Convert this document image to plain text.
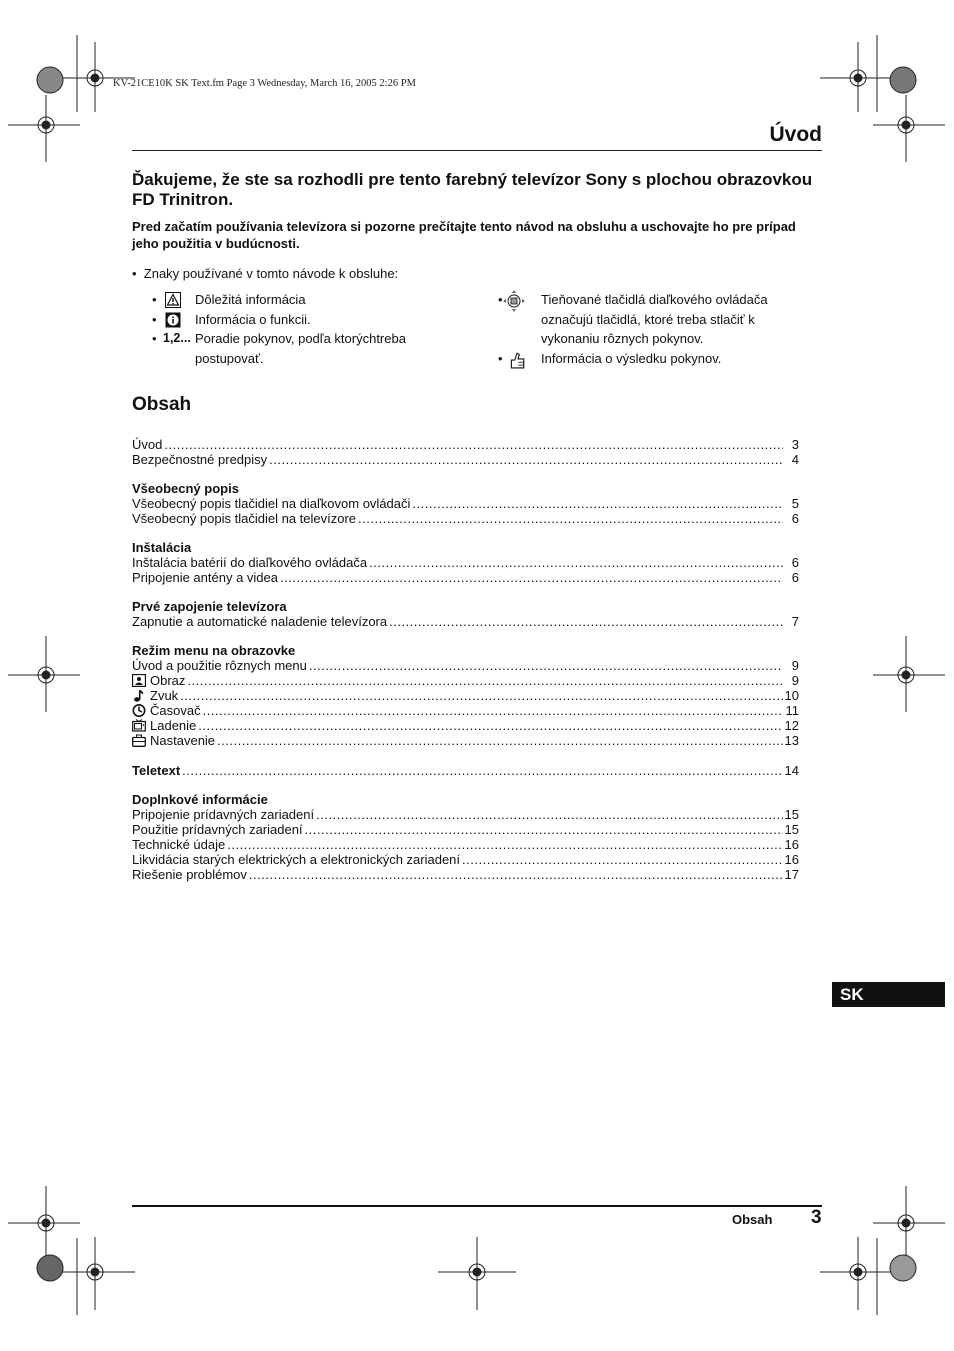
KV-21CE10K SK Text.fm Page 3 Wednesday, March 16, 2005 2:26 PM
Úvod
Ďakujeme, že ste sa rozhodli pre tento farebný televízor Sony s plochou obrazovkou FD Trinitron.

Pred začatím používania televízora si pozorne prečítajte tento návod na obsluhu a uschovajte ho pre prípad jeho použitia v budúcnosti.

•  Znaky používané v tomto návode k obsluhe:
•	Dôležitá informácia
•	Informácia o funkcii.
• 1,2... Poradie pokynov, podľa ktorýchtreba postupovať.
•	Tieňované tlačidlá diaľkového ovládača označujú tlačidlá, ktoré treba stlačiť k vykonaniu rôznych pokynov.
•	Informácia o výsledku pokynov.
Obsah
Úvod .....	3
Bezpečnostné predpisy .....	4
Všeobecný popis
Všeobecný popis tlačidiel na diaľkovom ovládači .....	5
Všeobecný popis tlačidiel na televízore .....	6
Inštalácia
Inštalácia batérií do diaľkového ovládača .....	6
Pripojenie antény a videa .....	6
Prvé zapojenie televízora
Zapnutie a automatické naladenie televízora .....	7
Režim menu na obrazovke
Úvod a použitie rôznych menu .....	9
Obraz .....	9
Zvuk .....	10
Časovač .....	11
Ladenie .....	12
Nastavenie .....	13
Teletext .....	14
Doplnkové informácie
Pripojenie prídavných zariadení .....	15
Použitie prídavných zariadení .....	15
Technické údaje .....	16
Likvidácia starých elektrických a elektronických zariadení .....	16
Riešenie problémov .....	17
SK
Obsah 3
